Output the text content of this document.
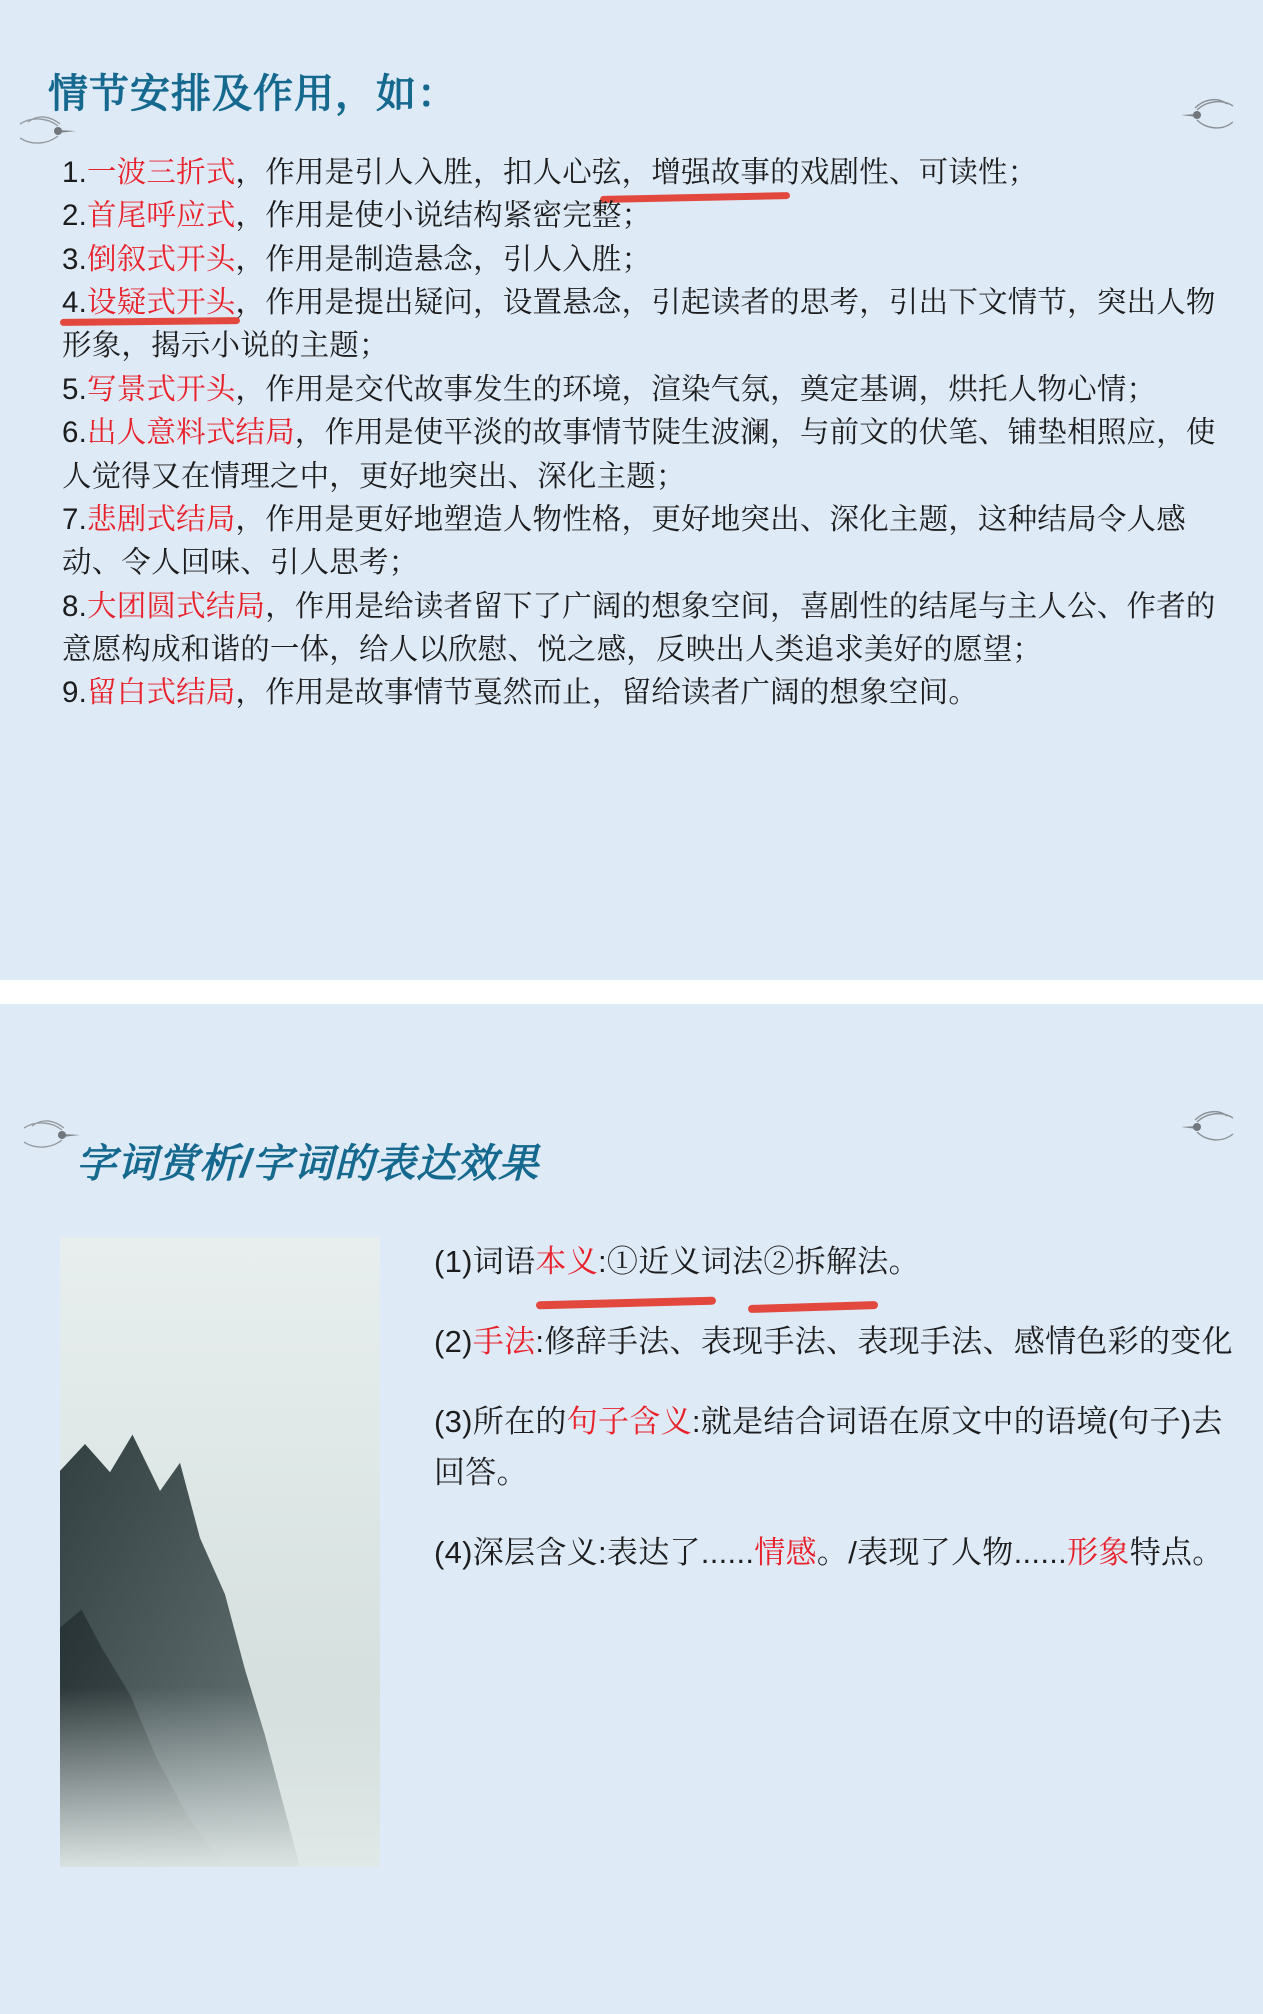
情节安排及作用，如：
1.一波三折式，作用是引人入胜，扣人心弦，增强故事的戏剧性、可读性；
2.首尾呼应式，作用是使小说结构紧密完整；
3.倒叙式开头，作用是制造悬念，引人入胜；
4.设疑式开头，作用是提出疑问，设置悬念，引起读者的思考，引出下文情节，突出人物形象，揭示小说的主题；
5.写景式开头，作用是交代故事发生的环境，渲染气氛，奠定基调，烘托人物心情；
6.出人意料式结局，作用是使平淡的故事情节陡生波澜，与前文的伏笔、铺垫相照应，使人觉得又在情理之中，更好地突出、深化主题；
7.悲剧式结局，作用是更好地塑造人物性格，更好地突出、深化主题，这种结局令人感动、令人回味、引人思考；
8.大团圆式结局，作用是给读者留下了广阔的想象空间，喜剧性的结尾与主人公、作者的意愿构成和谐的一体，给人以欣慰、悦之感，反映出人类追求美好的愿望；
9.留白式结局，作用是故事情节戛然而止，留给读者广阔的想象空间。
字词赏析/字词的表达效果

(1)词语本义:①近义词法②拆解法。

(2)手法:修辞手法、表现手法、表现手法、感情色彩的变化

(3)所在的句子含义:就是结合词语在原文中的语境(句子)去回答。

(4)深层含义:表达了......情感。/表现了人物......形象特点。
